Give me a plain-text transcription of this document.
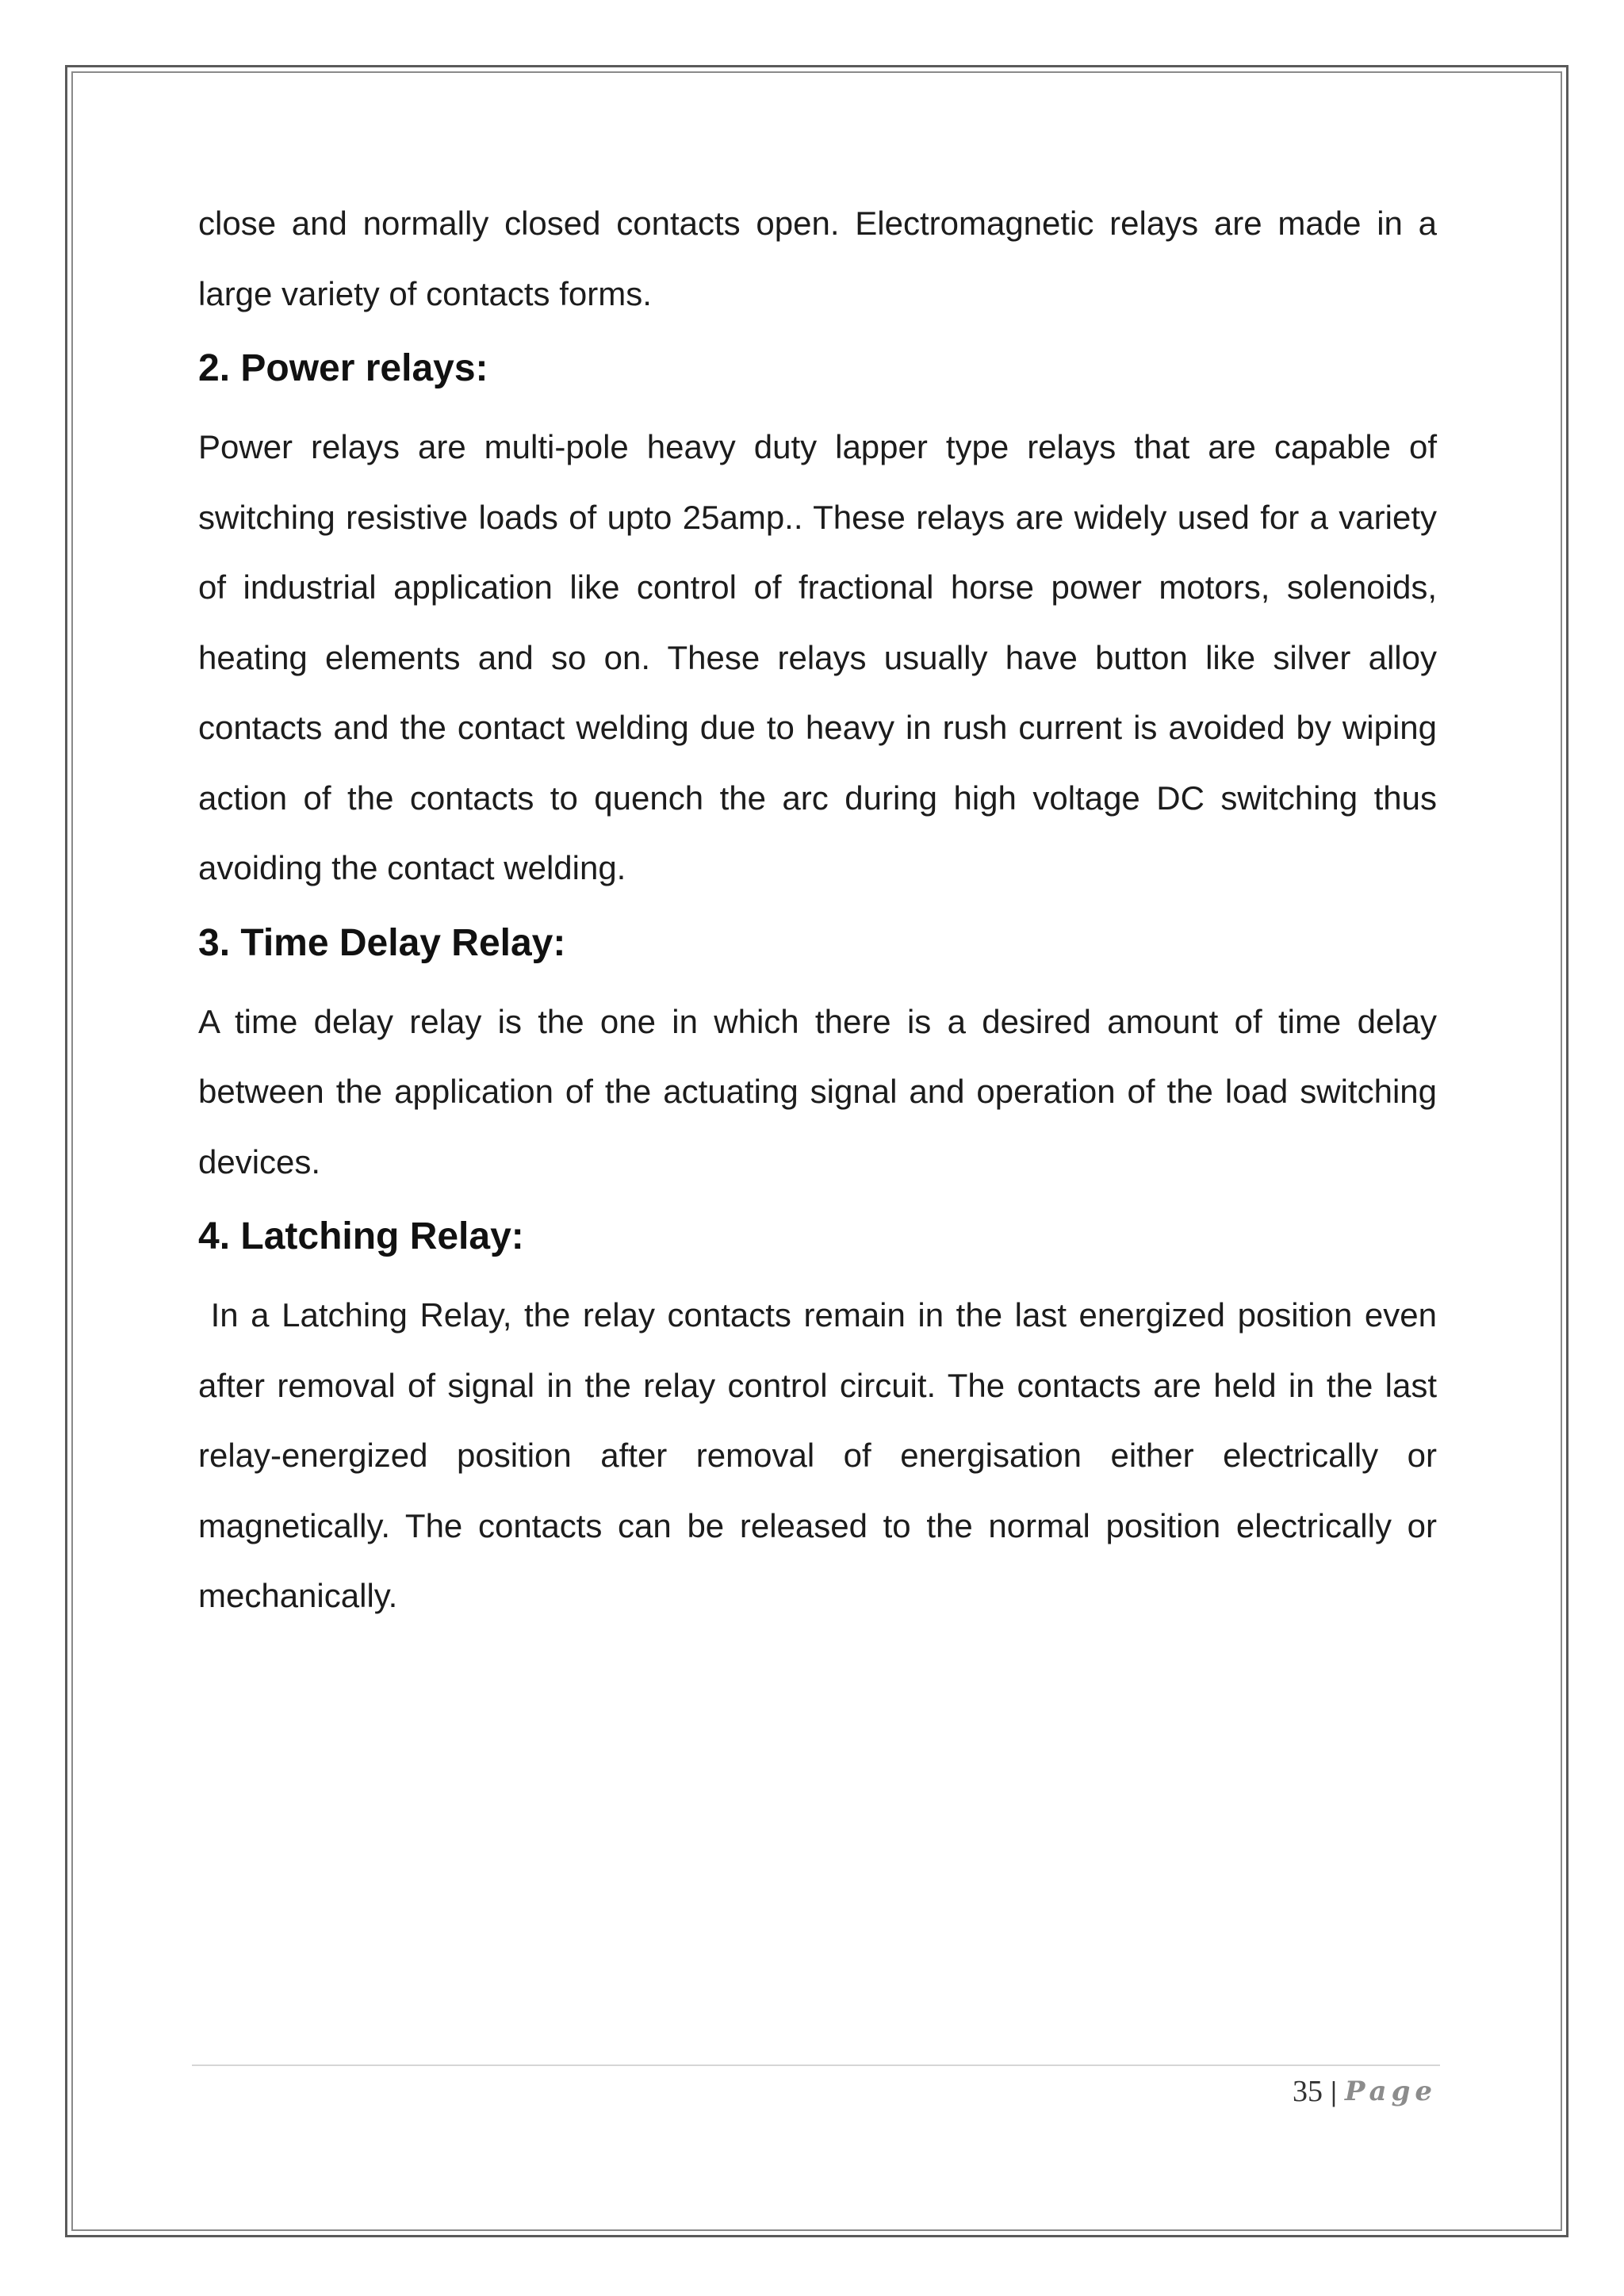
close and normally closed contacts open. Electromagnetic relays are made in a large variety of contacts forms.

2. Power relays:

Power relays are multi-pole heavy duty lapper type relays that are capable of switching resistive loads of upto 25amp.. These relays are widely used for a variety of industrial application like control of fractional horse power motors, solenoids, heating elements and so on. These relays usually have button like silver alloy contacts and the contact welding due to heavy in rush current is avoided by wiping action of the contacts to quench the arc during high voltage DC switching thus avoiding the contact welding.

3. Time Delay Relay:

A time delay relay is the one in which there is a desired amount of time delay between the application of the actuating signal and operation of the load switching devices.

4. Latching Relay:

In a Latching Relay, the relay contacts remain in the last energized position even after removal of signal in the relay control circuit. The contacts are held in the last relay-energized position after removal of energisation either electrically or magnetically. The contacts can be released to the normal position electrically or mechanically.

35 | Page
